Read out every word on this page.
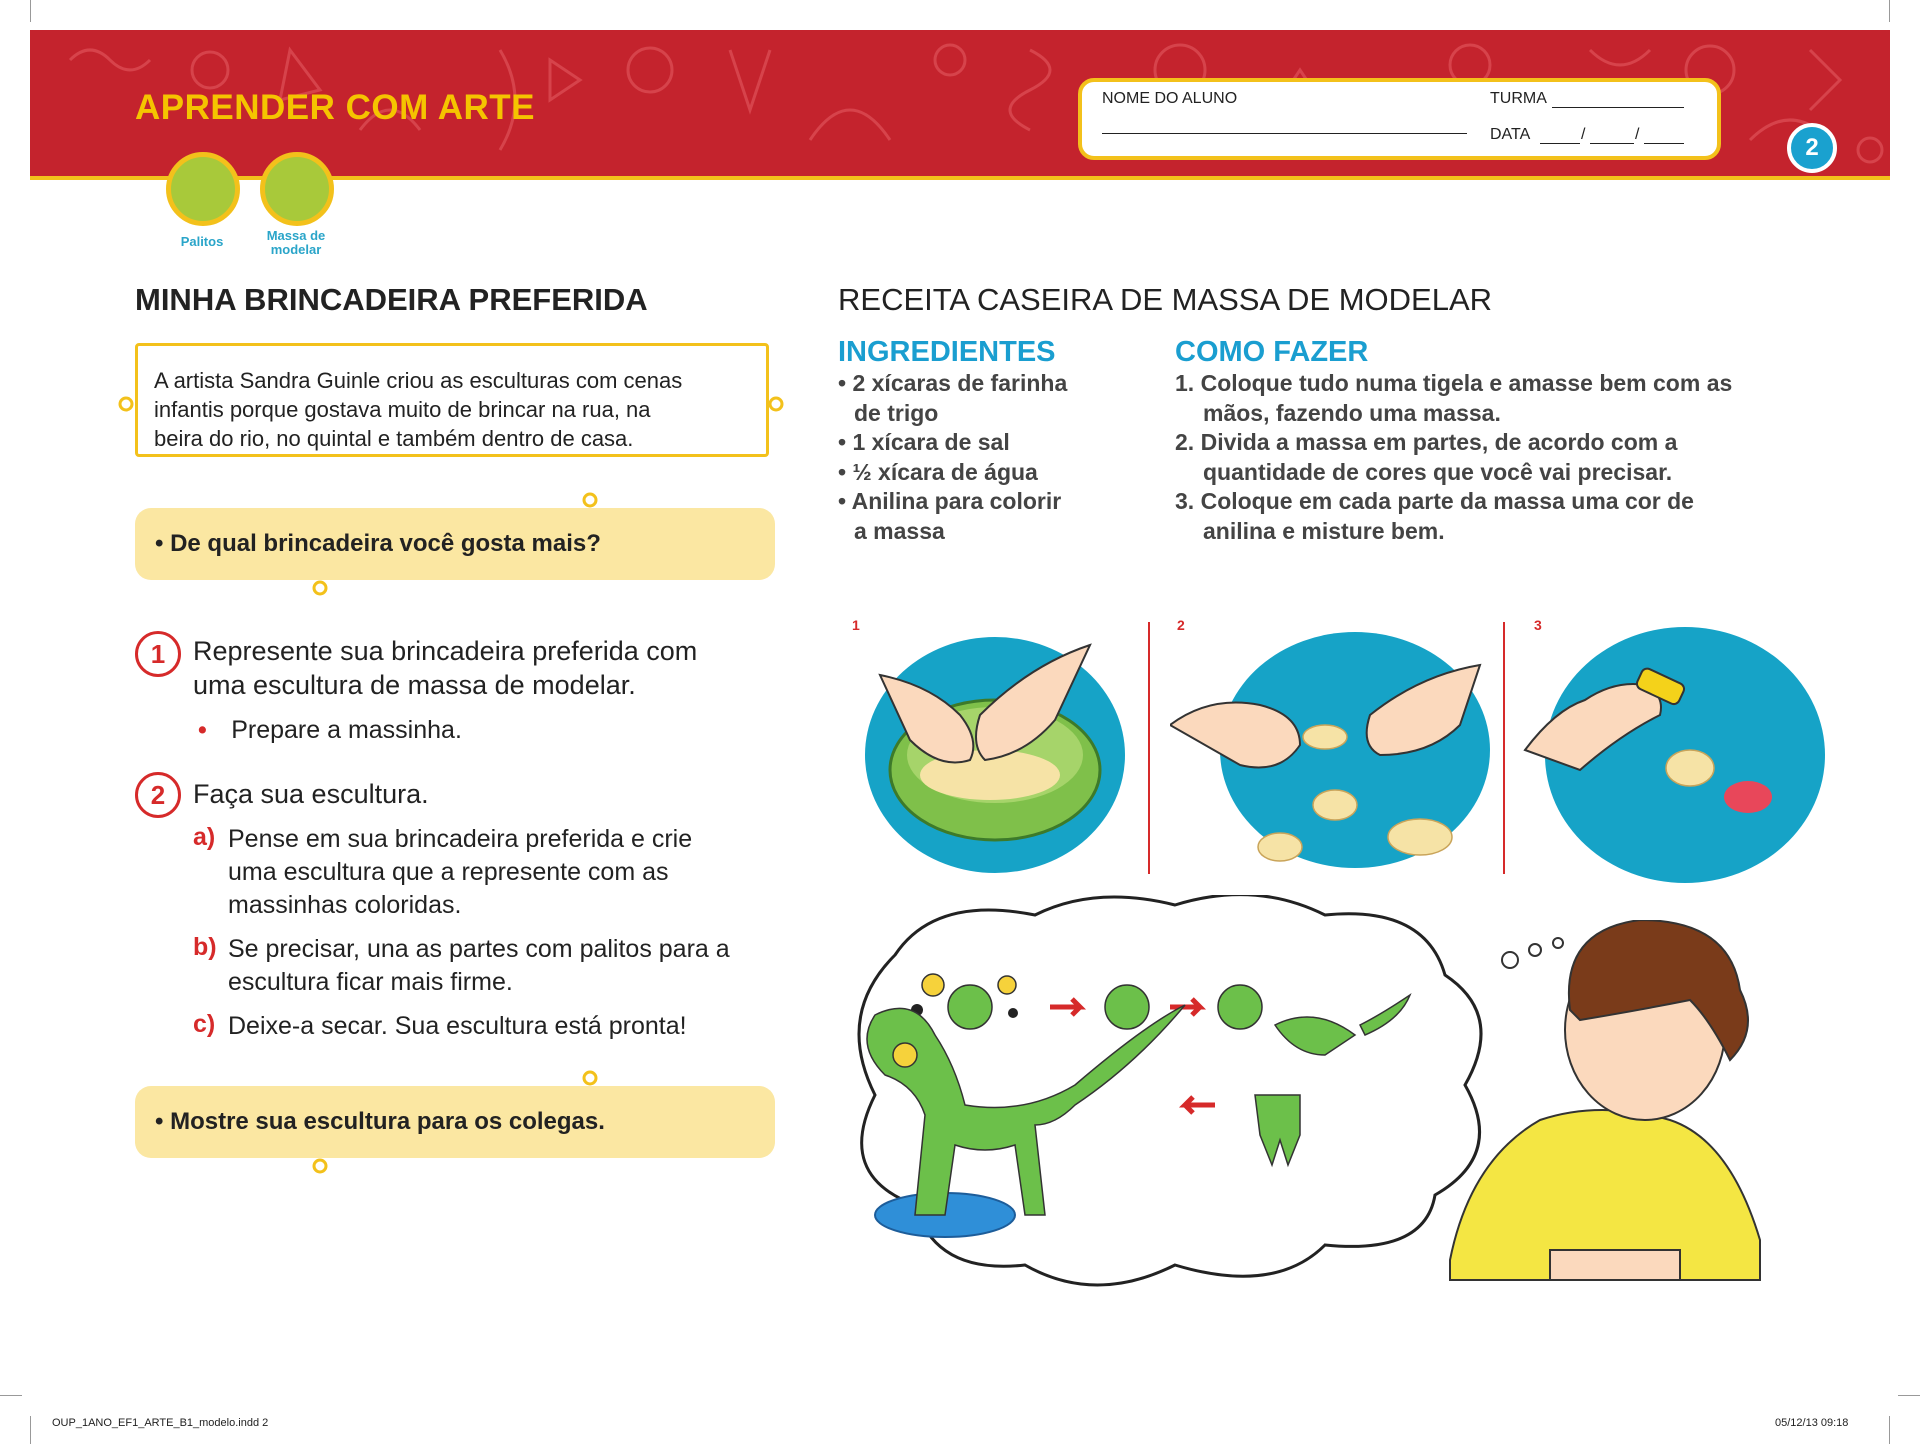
APRENDER COM ARTE	NOME DO ALUNO	TURMA
DATA	/	/	2
Palitos	Massa de
modelar
MINHA BRINCADEIRA PREFERIDA
A artista Sandra Guinle criou as esculturas com cenas
infantis porque gostava muito de brincar na rua, na
beira do rio, no quintal e também dentro de casa.
• De qual brincadeira você gosta mais?
1	Represente sua brincadeira preferida com
uma escultura de massa de modelar.
• Prepare a massinha.
2	Faça sua escultura.
a) Pense em sua brincadeira preferida e crie
uma escultura que a represente com as
massinhas coloridas.
b) Se precisar, una as partes com palitos para a
escultura ficar mais firme.
c) Deixe-a secar. Sua escultura está pronta!
• Mostre sua escultura para os colegas.
RECEITA CASEIRA DE MASSA DE MODELAR
INGREDIENTES
• 2 xícaras de farinha
de trigo
• 1 xícara de sal
• ½ xícara de água
• Anilina para colorir
a massa
COMO FAZER
1. Coloque tudo numa tigela e amasse bem com as
mãos, fazendo uma massa.
2. Divida a massa em partes, de acordo com a
quantidade de cores que você vai precisar.
3. Coloque em cada parte da massa uma cor de
anilina e misture bem.
1	2	3
OUP_1ANO_EF1_ARTE_B1_modelo.indd 2	05/12/13 09:18
